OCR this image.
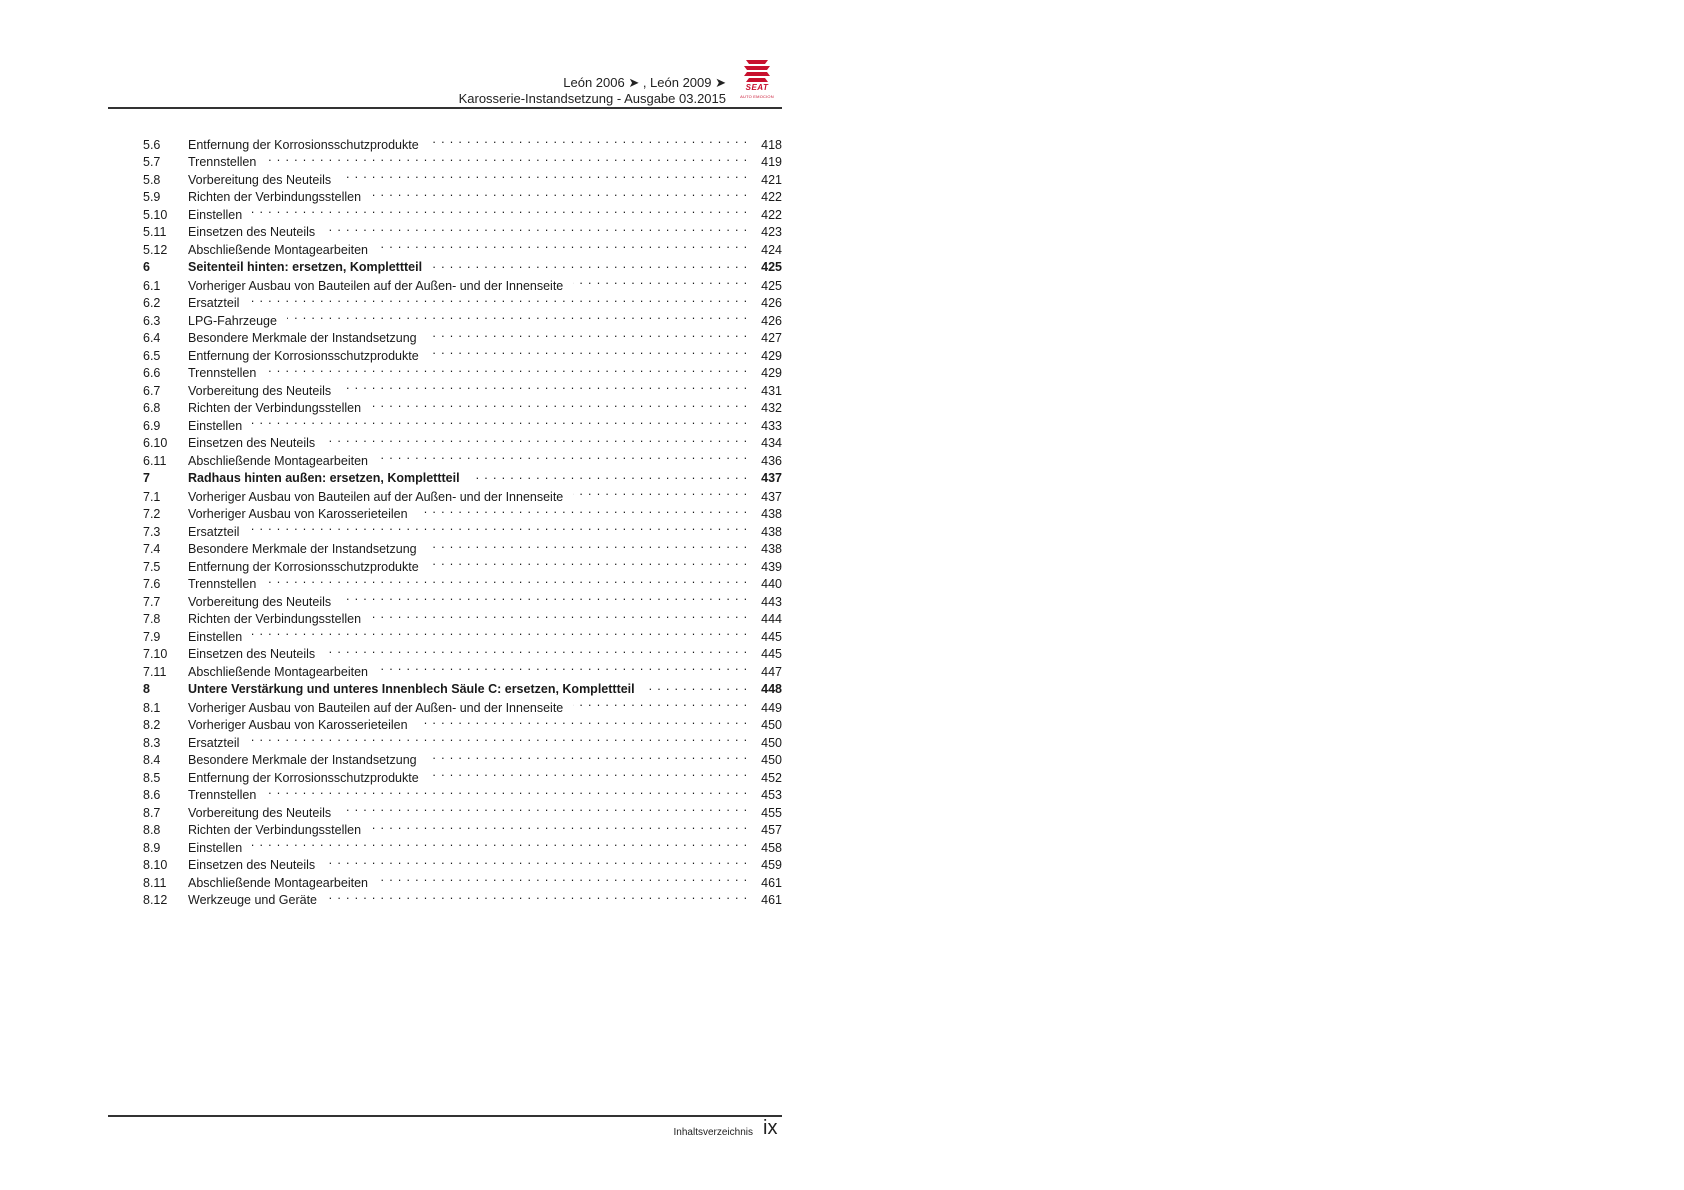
León 2006 ➤ , León 2009 ➤
Karosserie-Instandsetzung - Ausgabe 03.2015
SEAT
AUTO EMOCION
5.6	Entfernung der Korrosionsschutzprodukte . . .	418
5.7	Trennstellen . . .	419
5.8	Vorbereitung des Neuteils . . .	421
5.9	Richten der Verbindungsstellen . . .	422
5.10	Einstellen . . .	422
5.11	Einsetzen des Neuteils . . .	423
5.12	Abschließende Montagearbeiten . . .	424
6	Seitenteil hinten: ersetzen, Komplettteil . . .	425
6.1	Vorheriger Ausbau von Bauteilen auf der Außen- und der Innenseite . . .	425
6.2	Ersatzteil . . .	426
6.3	LPG-Fahrzeuge . . .	426
6.4	Besondere Merkmale der Instandsetzung . . .	427
6.5	Entfernung der Korrosionsschutzprodukte . . .	429
6.6	Trennstellen . . .	429
6.7	Vorbereitung des Neuteils . . .	431
6.8	Richten der Verbindungsstellen . . .	432
6.9	Einstellen . . .	433
6.10	Einsetzen des Neuteils . . .	434
6.11	Abschließende Montagearbeiten . . .	436
7	Radhaus hinten außen: ersetzen, Komplettteil . . .	437
7.1	Vorheriger Ausbau von Bauteilen auf der Außen- und der Innenseite . . .	437
7.2	Vorheriger Ausbau von Karosserieteilen . . .	438
7.3	Ersatzteil . . .	438
7.4	Besondere Merkmale der Instandsetzung . . .	438
7.5	Entfernung der Korrosionsschutzprodukte . . .	439
7.6	Trennstellen . . .	440
7.7	Vorbereitung des Neuteils . . .	443
7.8	Richten der Verbindungsstellen . . .	444
7.9	Einstellen . . .	445
7.10	Einsetzen des Neuteils . . .	445
7.11	Abschließende Montagearbeiten . . .	447
8	Untere Verstärkung und unteres Innenblech Säule C: ersetzen, Komplettteil . . .	448
8.1	Vorheriger Ausbau von Bauteilen auf der Außen- und der Innenseite . . .	449
8.2	Vorheriger Ausbau von Karosserieteilen . . .	450
8.3	Ersatzteil . . .	450
8.4	Besondere Merkmale der Instandsetzung . . .	450
8.5	Entfernung der Korrosionsschutzprodukte . . .	452
8.6	Trennstellen . . .	453
8.7	Vorbereitung des Neuteils . . .	455
8.8	Richten der Verbindungsstellen . . .	457
8.9	Einstellen . . .	458
8.10	Einsetzen des Neuteils . . .	459
8.11	Abschließende Montagearbeiten . . .	461
8.12	Werkzeuge und Geräte . . .	461
Inhaltsverzeichnis ix
